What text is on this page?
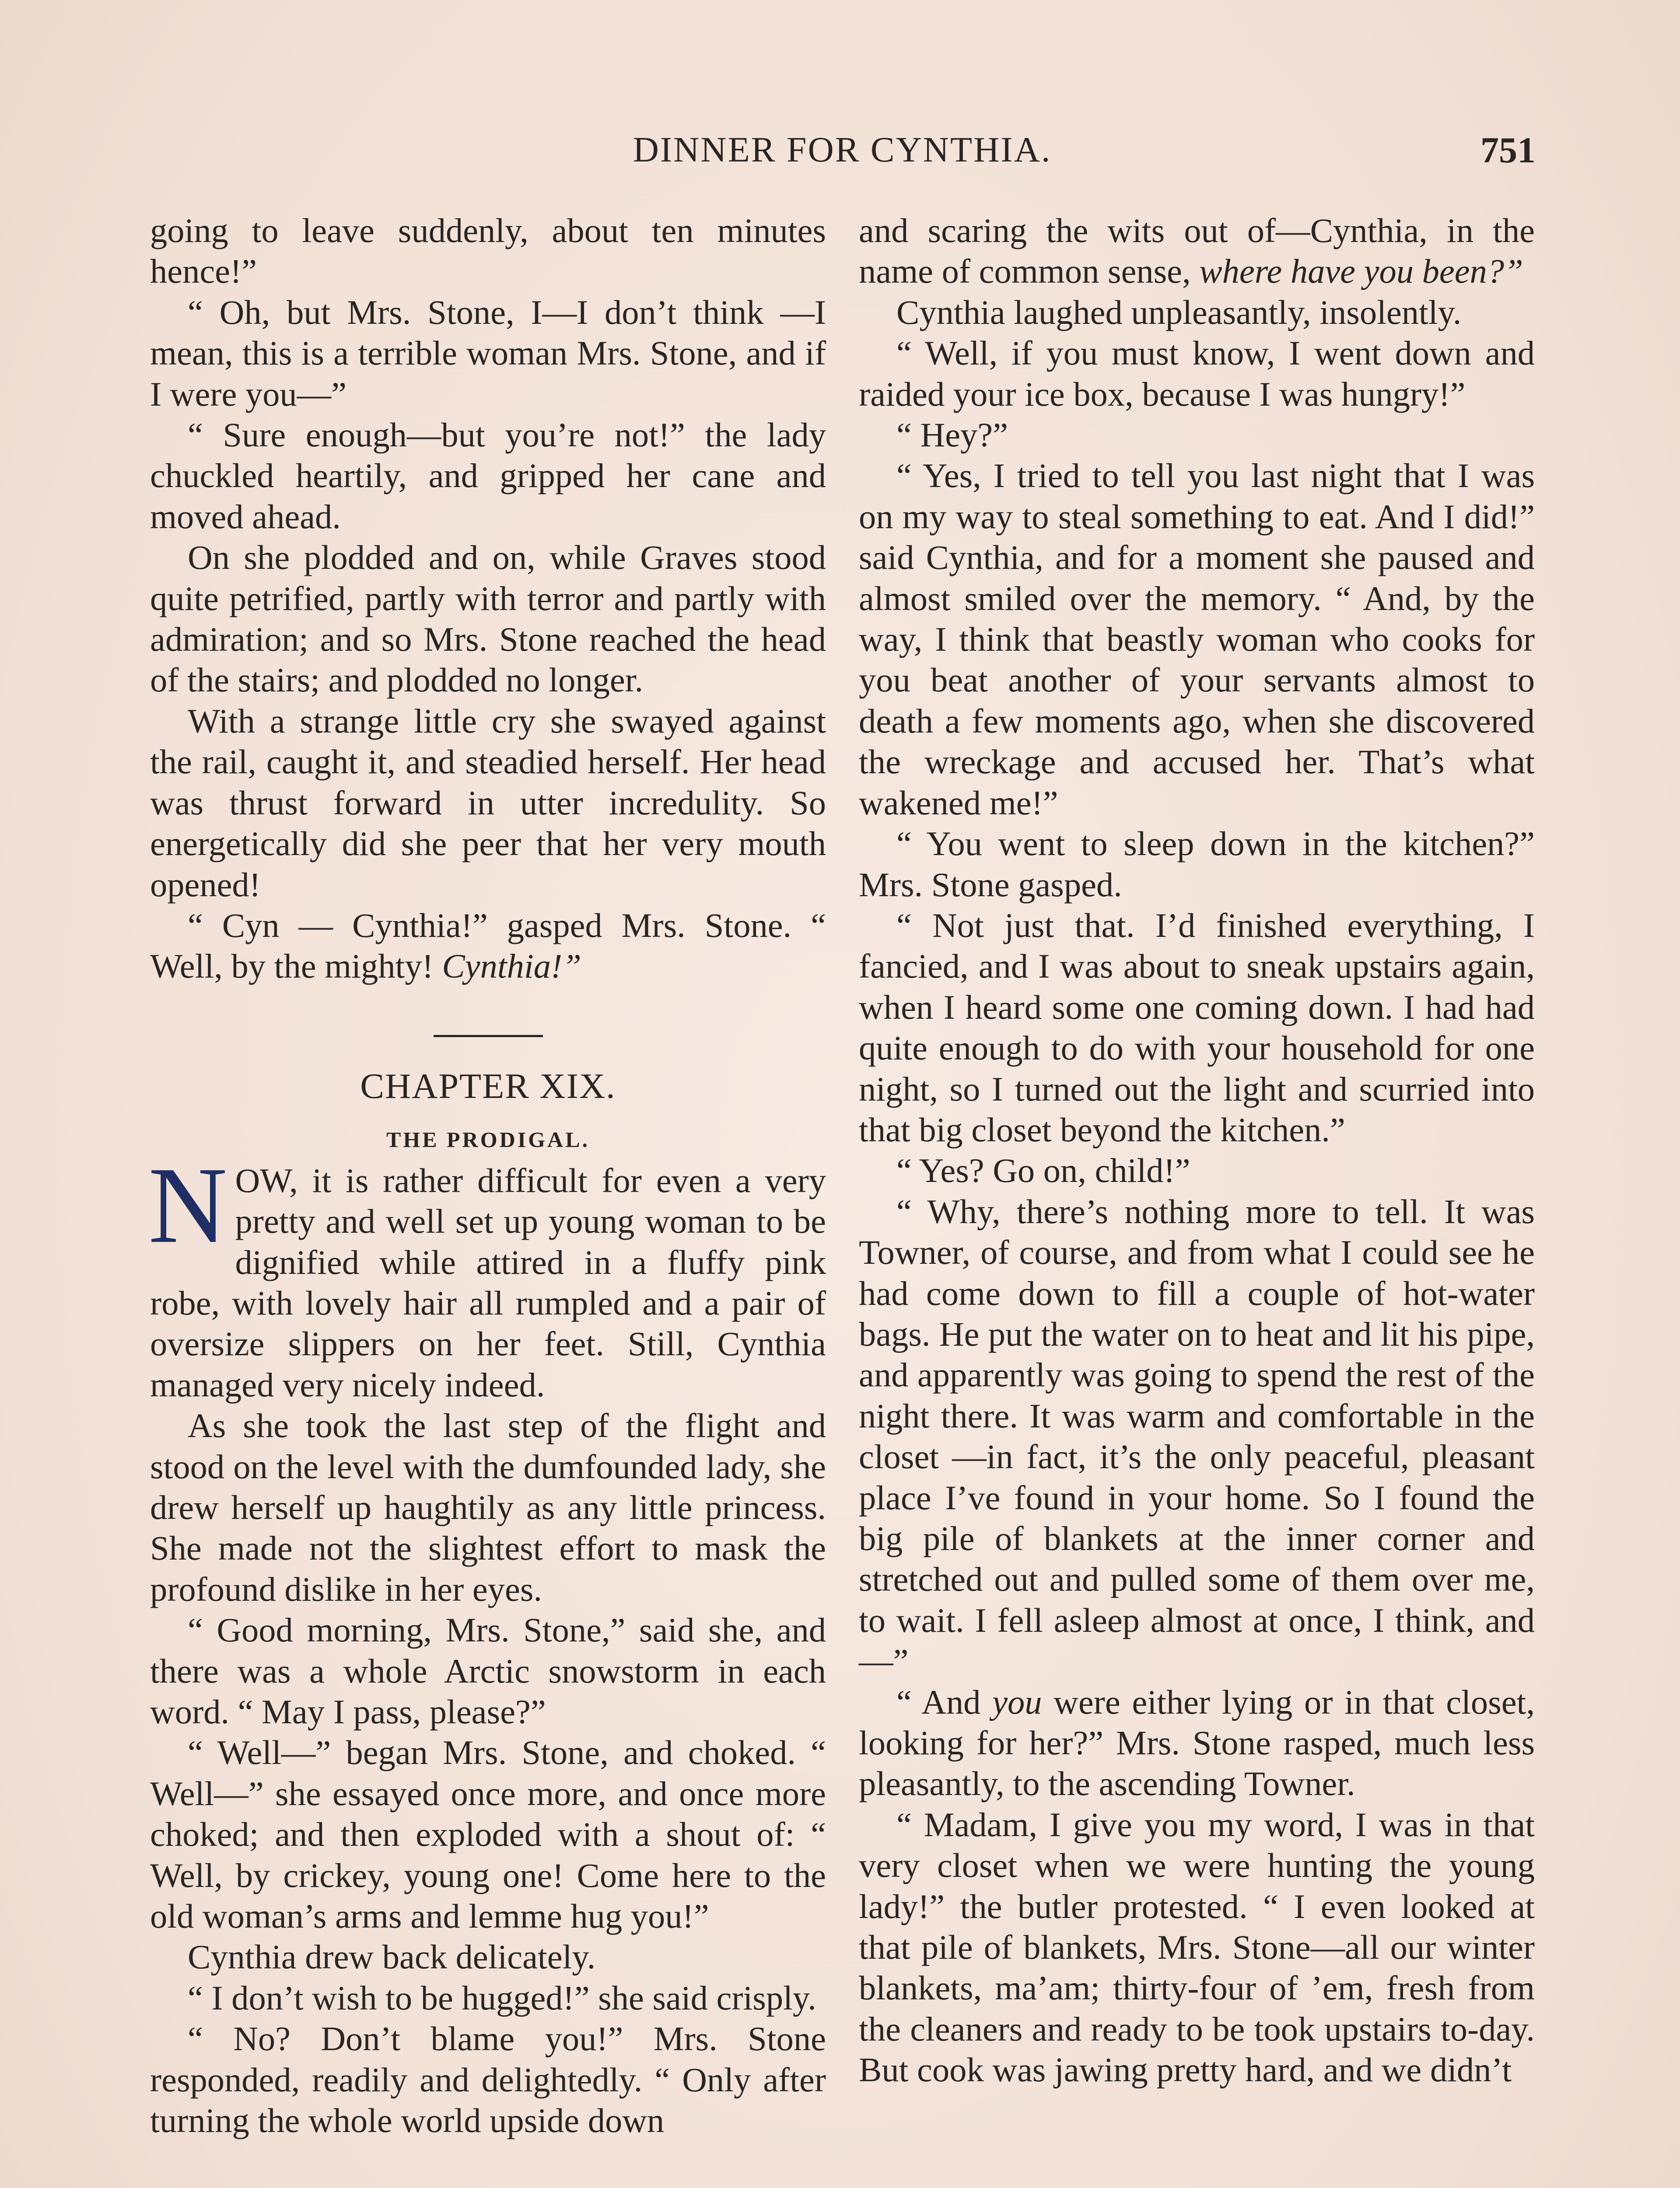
DINNER FOR CYNTHIA.	751

going to leave suddenly, about ten minutes hence!”

“ Oh, but Mrs. Stone, I—I don’t think —I mean, this is a terrible woman Mrs. Stone, and if I were you—”

“ Sure enough—but you’re not!” the lady chuckled heartily, and gripped her cane and moved ahead.

On she plodded and on, while Graves stood quite petrified, partly with terror and partly with admiration; and so Mrs. Stone reached the head of the stairs; and plodded no longer.

With a strange little cry she swayed against the rail, caught it, and steadied herself. Her head was thrust forward in utter incredulity. So energetically did she peer that her very mouth opened!

“ Cyn — Cynthia!” gasped Mrs. Stone. “ Well, by the mighty! Cynthia!”

CHAPTER XIX.
THE PRODIGAL.

NOW, it is rather difficult for even a very pretty and well set up young woman to be dignified while attired in a fluffy pink robe, with lovely hair all rumpled and a pair of oversize slippers on her feet. Still, Cynthia managed very nicely indeed.

As she took the last step of the flight and stood on the level with the dumfounded lady, she drew herself up haughtily as any little princess. She made not the slightest effort to mask the profound dislike in her eyes.

“ Good morning, Mrs. Stone,” said she, and there was a whole Arctic snowstorm in each word. “ May I pass, please?”

“ Well—” began Mrs. Stone, and choked. “ Well—” she essayed once more, and once more choked; and then exploded with a shout of: “ Well, by crickey, young one! Come here to the old woman’s arms and lemme hug you!”

Cynthia drew back delicately.

“ I don’t wish to be hugged!” she said crisply.

“ No? Don’t blame you!” Mrs. Stone responded, readily and delightedly. “ Only after turning the whole world upside down

and scaring the wits out of—Cynthia, in the name of common sense, where have you been?”

Cynthia laughed unpleasantly, insolently.

“ Well, if you must know, I went down and raided your ice box, because I was hungry!”

“ Hey?”

“ Yes, I tried to tell you last night that I was on my way to steal something to eat. And I did!” said Cynthia, and for a moment she paused and almost smiled over the memory. “ And, by the way, I think that beastly woman who cooks for you beat another of your servants almost to death a few moments ago, when she discovered the wreckage and accused her. That’s what wakened me!”

“ You went to sleep down in the kitchen?” Mrs. Stone gasped.

“ Not just that. I’d finished everything, I fancied, and I was about to sneak upstairs again, when I heard some one coming down. I had had quite enough to do with your household for one night, so I turned out the light and scurried into that big closet beyond the kitchen.”

“ Yes? Go on, child!”

“ Why, there’s nothing more to tell. It was Towner, of course, and from what I could see he had come down to fill a couple of hot-water bags. He put the water on to heat and lit his pipe, and apparently was going to spend the rest of the night there. It was warm and comfortable in the closet —in fact, it’s the only peaceful, pleasant place I’ve found in your home. So I found the big pile of blankets at the inner corner and stretched out and pulled some of them over me, to wait. I fell asleep almost at once, I think, and—”

“ And you were either lying or in that closet, looking for her?” Mrs. Stone rasped, much less pleasantly, to the ascending Towner.

“ Madam, I give you my word, I was in that very closet when we were hunting the young lady!” the butler protested. “ I even looked at that pile of blankets, Mrs. Stone—all our winter blankets, ma’am; thirty-four of ’em, fresh from the cleaners and ready to be took upstairs to-day. But cook was jawing pretty hard, and we didn’t
